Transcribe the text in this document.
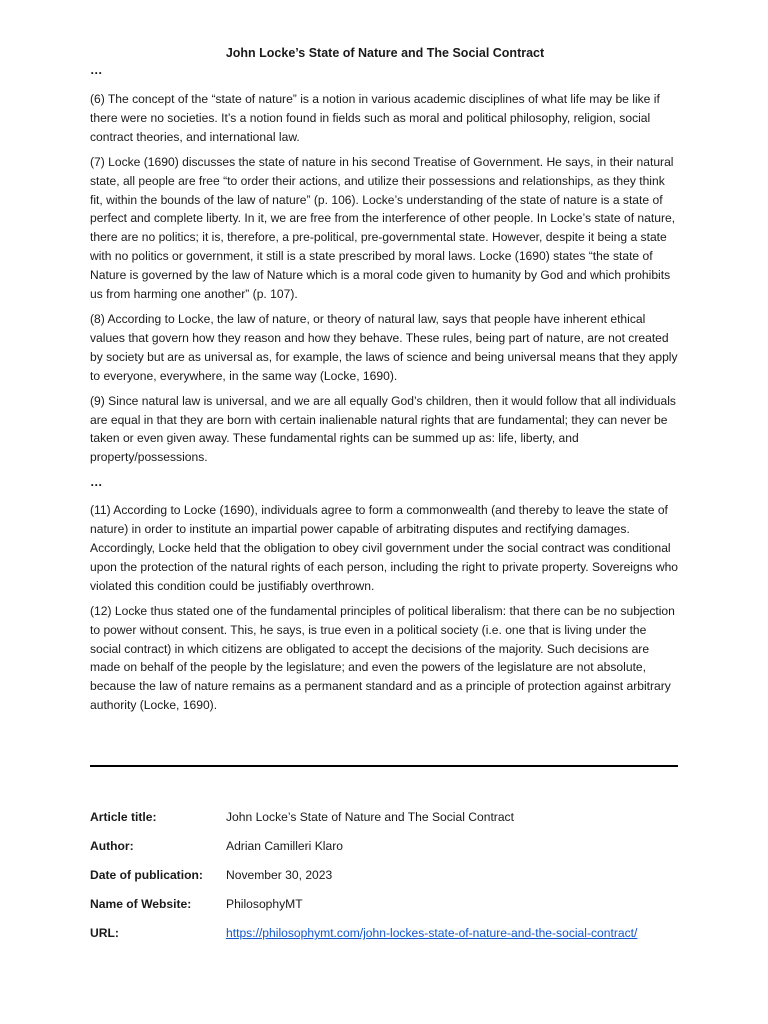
John Locke’s State of Nature and The Social Contract

…

(6) The concept of the “state of nature” is a notion in various academic disciplines of what life may be like if there were no societies. It’s a notion found in fields such as moral and political philosophy, religion, social contract theories, and international law.

(7) Locke (1690) discusses the state of nature in his second Treatise of Government. He says, in their natural state, all people are free “to order their actions, and utilize their possessions and relationships, as they think fit, within the bounds of the law of nature” (p. 106). Locke’s understanding of the state of nature is a state of perfect and complete liberty. In it, we are free from the interference of other people. In Locke’s state of nature, there are no politics; it is, therefore, a pre-political, pre-governmental state. However, despite it being a state with no politics or government, it still is a state prescribed by moral laws. Locke (1690) states “the state of Nature is governed by the law of Nature which is a moral code given to humanity by God and which prohibits us from harming one another” (p. 107).

(8) According to Locke, the law of nature, or theory of natural law, says that people have inherent ethical values that govern how they reason and how they behave. These rules, being part of nature, are not created by society but are as universal as, for example, the laws of science and being universal means that they apply to everyone, everywhere, in the same way (Locke, 1690).

(9) Since natural law is universal, and we are all equally God’s children, then it would follow that all individuals are equal in that they are born with certain inalienable natural rights that are fundamental; they can never be taken or even given away. These fundamental rights can be summed up as: life, liberty, and property/possessions.

…

(11) According to Locke (1690), individuals agree to form a commonwealth (and thereby to leave the state of nature) in order to institute an impartial power capable of arbitrating disputes and rectifying damages. Accordingly, Locke held that the obligation to obey civil government under the social contract was conditional upon the protection of the natural rights of each person, including the right to private property. Sovereigns who violated this condition could be justifiably overthrown.

(12) Locke thus stated one of the fundamental principles of political liberalism: that there can be no subjection to power without consent. This, he says, is true even in a political society (i.e. one that is living under the social contract) in which citizens are obligated to accept the decisions of the majority. Such decisions are made on behalf of the people by the legislature; and even the powers of the legislature are not absolute, because the law of nature remains as a permanent standard and as a principle of protection against arbitrary authority (Locke, 1690).

Article title:	John Locke’s State of Nature and The Social Contract
Author:	Adrian Camilleri Klaro
Date of publication:	November 30, 2023
Name of Website:	PhilosophyMT
URL:	https://philosophymt.com/john-lockes-state-of-nature-and-the-social-contract/
